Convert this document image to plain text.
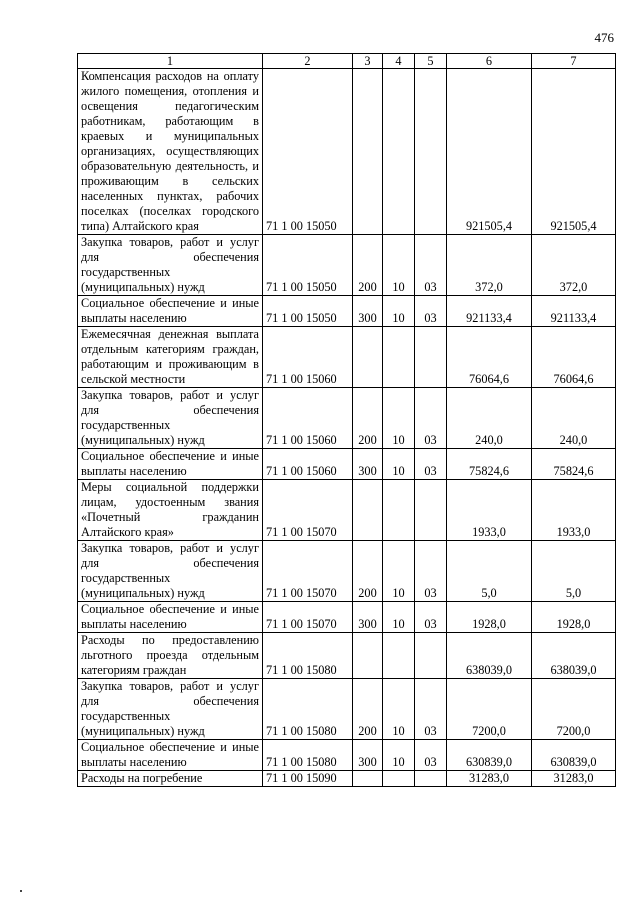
476
1	2	3	4	5	6	7
Компенсация расходов на оплату жилого помещения, отопления и освещения педагогическим работникам, работающим в краевых и муниципальных организациях, осуществляющих образовательную деятельность, и проживающим в сельских населенных пунктах, рабочих поселках (поселках городского типа) Алтайского края	71 1 00 15050				921505,4	921505,4
Закупка товаров, работ и услуг для обеспечения государственных (муниципальных) нужд	71 1 00 15050	200	10	03	372,0	372,0
Социальное обеспечение и иные выплаты населению	71 1 00 15050	300	10	03	921133,4	921133,4
Ежемесячная денежная выплата отдельным категориям граждан, работающим и проживающим в сельской местности	71 1 00 15060				76064,6	76064,6
Закупка товаров, работ и услуг для обеспечения государственных (муниципальных) нужд	71 1 00 15060	200	10	03	240,0	240,0
Социальное обеспечение и иные выплаты населению	71 1 00 15060	300	10	03	75824,6	75824,6
Меры социальной поддержки лицам, удостоенным звания «Почетный гражданин Алтайского края»	71 1 00 15070				1933,0	1933,0
Закупка товаров, работ и услуг для обеспечения государственных (муниципальных) нужд	71 1 00 15070	200	10	03	5,0	5,0
Социальное обеспечение и иные выплаты населению	71 1 00 15070	300	10	03	1928,0	1928,0
Расходы по предоставлению льготного проезда отдельным категориям граждан	71 1 00 15080				638039,0	638039,0
Закупка товаров, работ и услуг для обеспечения государственных (муниципальных) нужд	71 1 00 15080	200	10	03	7200,0	7200,0
Социальное обеспечение и иные выплаты населению	71 1 00 15080	300	10	03	630839,0	630839,0
Расходы на погребение	71 1 00 15090				31283,0	31283,0
